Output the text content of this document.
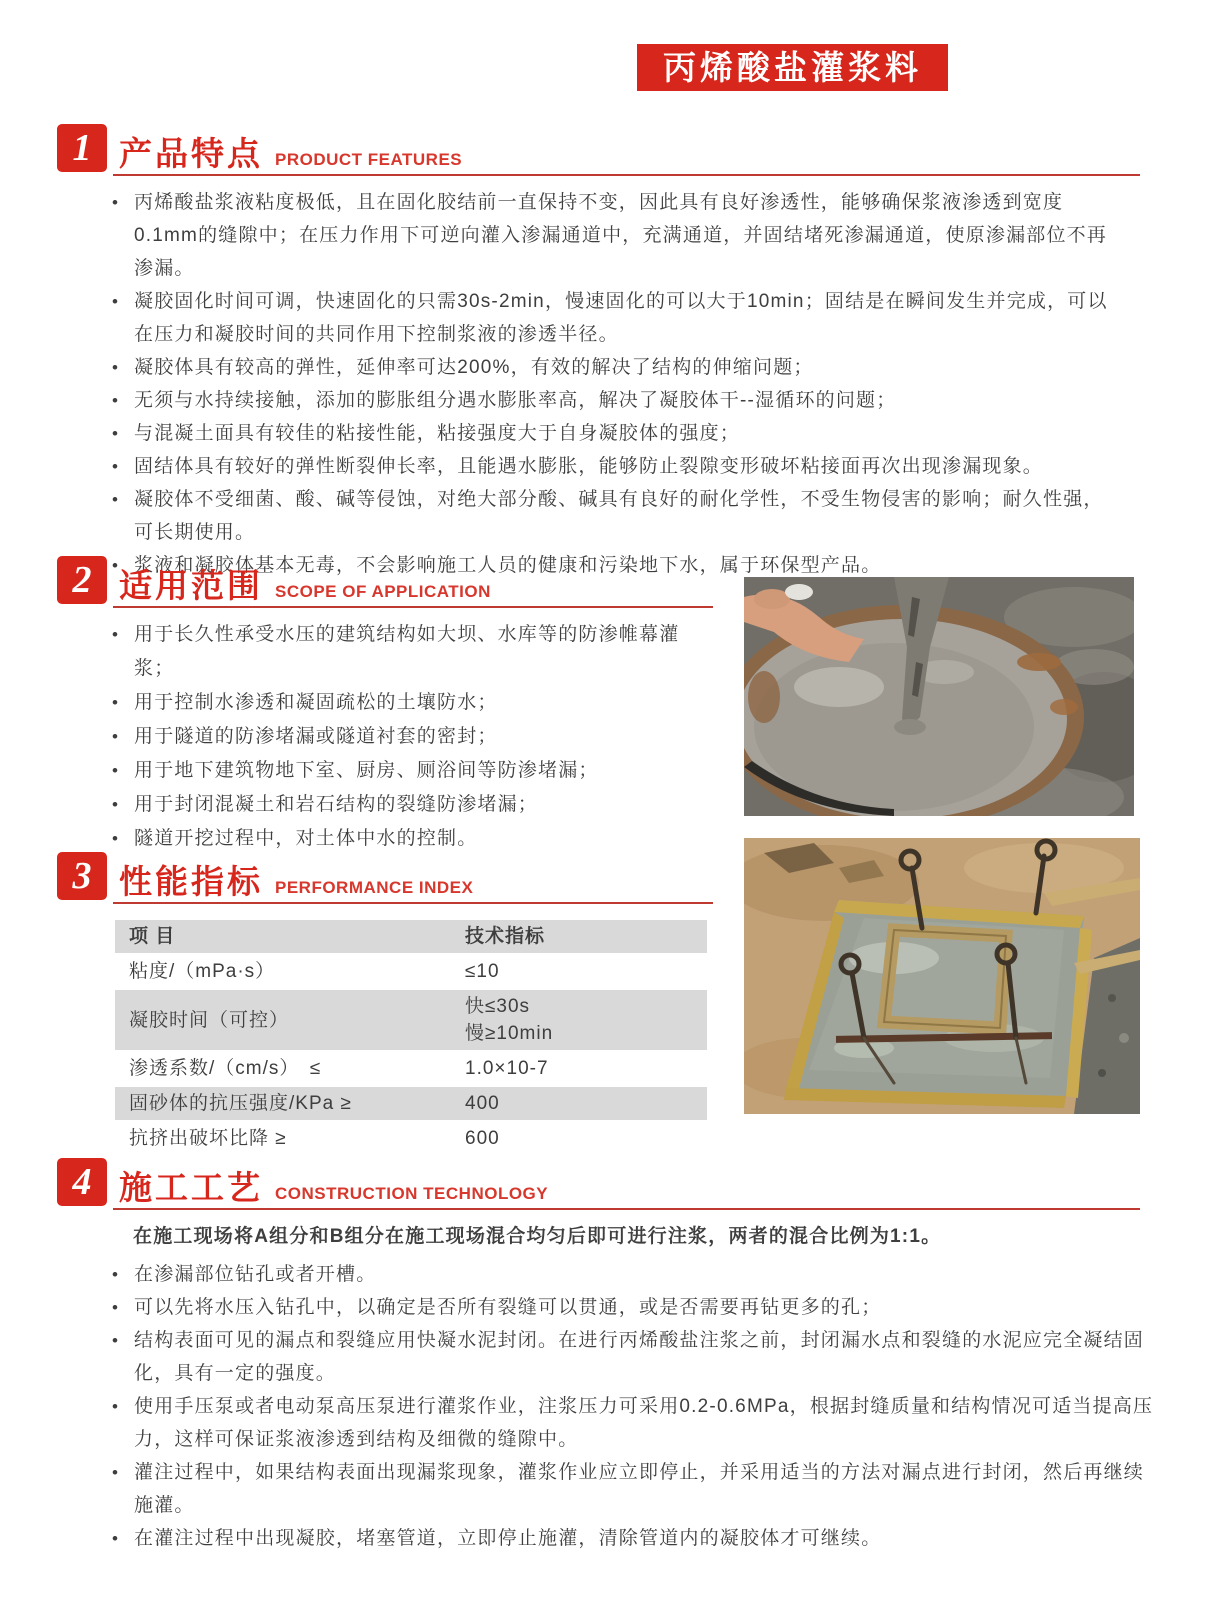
丙烯酸盐灌浆料
1 产品特点 PRODUCT FEATURES
• 丙烯酸盐浆液粘度极低，且在固化胶结前一直保持不变，因此具有良好渗透性，能够确保浆液渗透到宽度0.1mm的缝隙中；在压力作用下可逆向灌入渗漏通道中，充满通道，并固结堵死渗漏通道，使原渗漏部位不再渗漏。
• 凝胶固化时间可调，快速固化的只需30s-2min，慢速固化的可以大于10min；固结是在瞬间发生并完成，可以在压力和凝胶时间的共同作用下控制浆液的渗透半径。
• 凝胶体具有较高的弹性，延伸率可达200%，有效的解决了结构的伸缩问题；
• 无须与水持续接触，添加的膨胀组分遇水膨胀率高，解决了凝胶体干--湿循环的问题；
• 与混凝土面具有较佳的粘接性能，粘接强度大于自身凝胶体的强度；
• 固结体具有较好的弹性断裂伸长率，且能遇水膨胀，能够防止裂隙变形破坏粘接面再次出现渗漏现象。
• 凝胶体不受细菌、酸、碱等侵蚀，对绝大部分酸、碱具有良好的耐化学性，不受生物侵害的影响；耐久性强，可长期使用。
• 浆液和凝胶体基本无毒，不会影响施工人员的健康和污染地下水，属于环保型产品。
2 适用范围 SCOPE OF APPLICATION
• 用于长久性承受水压的建筑结构如大坝、水库等的防渗帷幕灌浆；
• 用于控制水渗透和凝固疏松的土壤防水；
• 用于隧道的防渗堵漏或隧道衬套的密封；
• 用于地下建筑物地下室、厨房、厕浴间等防渗堵漏；
• 用于封闭混凝土和岩石结构的裂缝防渗堵漏；
• 隧道开挖过程中，对土体中水的控制。
3 性能指标 PERFORMANCE INDEX
项 目	技术指标
粘度/（mPa·s）	≤10
凝胶时间（可控）	快≤30s
慢≥10min

渗透系数/（cm/s）　≤	1.0×10-7
固砂体的抗压强度/KPa ≥	400
抗挤出破坏比降 ≥	600
4 施工工艺 CONSTRUCTION TECHNOLOGY
在施工现场将A组分和B组分在施工现场混合均匀后即可进行注浆，两者的混合比例为1:1。
• 在渗漏部位钻孔或者开槽。
• 可以先将水压入钻孔中，以确定是否所有裂缝可以贯通，或是否需要再钻更多的孔；
• 结构表面可见的漏点和裂缝应用快凝水泥封闭。在进行丙烯酸盐注浆之前，封闭漏水点和裂缝的水泥应完全凝结固化，具有一定的强度。
• 使用手压泵或者电动泵高压泵进行灌浆作业，注浆压力可采用0.2-0.6MPa，根据封缝质量和结构情况可适当提高压力，这样可保证浆液渗透到结构及细微的缝隙中。
• 灌注过程中，如果结构表面出现漏浆现象，灌浆作业应立即停止，并采用适当的方法对漏点进行封闭，然后再继续施灌。
• 在灌注过程中出现凝胶，堵塞管道，立即停止施灌，清除管道内的凝胶体才可继续。
